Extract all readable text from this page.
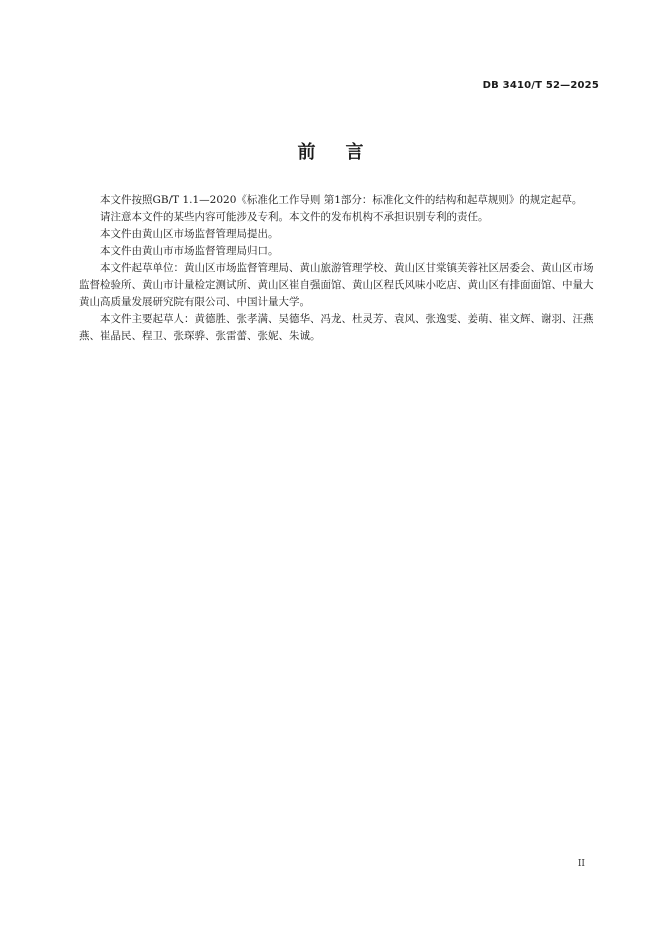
DB 3410/T 52—2025
前    言

本文件按照GB/T 1.1—2020《标准化工作导则 第1部分：标准化文件的结构和起草规则》的规定起草。

请注意本文件的某些内容可能涉及专利。本文件的发布机构不承担识别专利的责任。

本文件由黄山区市场监督管理局提出。

本文件由黄山市市场监督管理局归口。

本文件起草单位：黄山区市场监督管理局、黄山旅游管理学校、黄山区甘棠镇芙蓉社区居委会、黄山区市场监督检验所、黄山市计量检定测试所、黄山区崔自强面馆、黄山区程氏风味小吃店、黄山区有排面面馆、中量大黄山高质量发展研究院有限公司、中国计量大学。

本文件主要起草人：黄德胜、张孝满、吴德华、冯龙、杜灵芳、袁风、张逸雯、姜萌、崔文辉、谢羽、汪燕燕、崔晶民、程卫、张琛骅、张雷蕾、张妮、朱诚。

II
